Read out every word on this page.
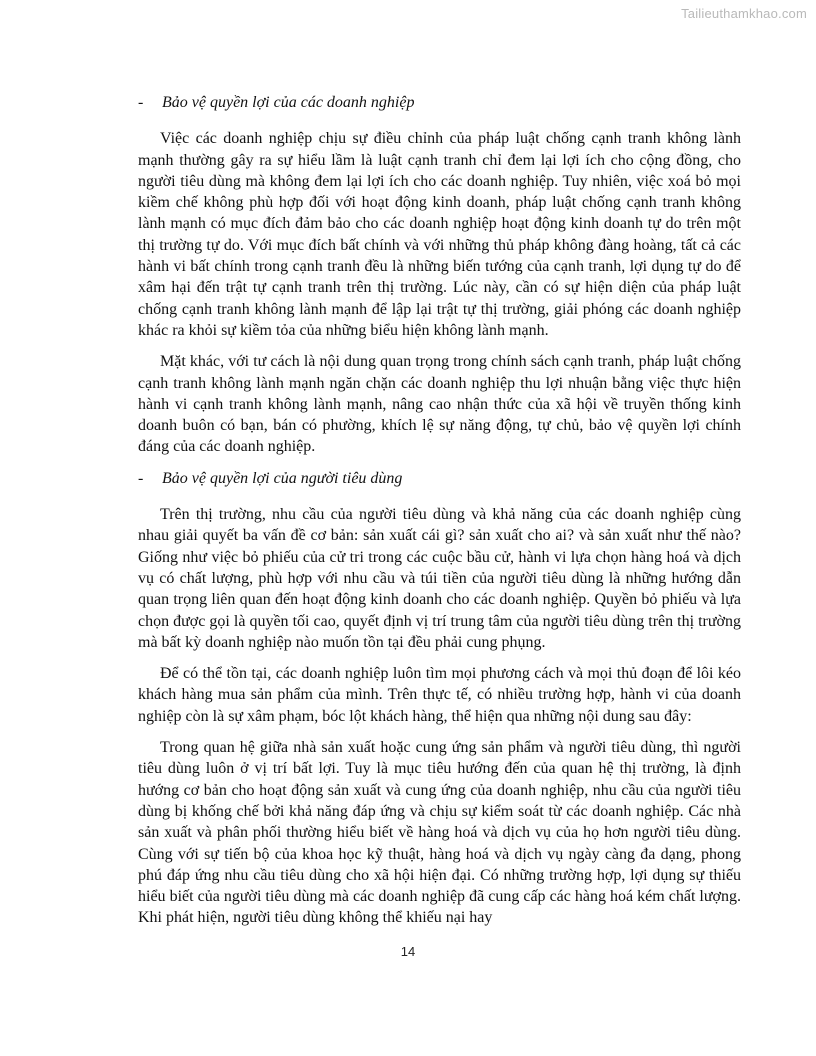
Tailieuthamkhao.com
- Bảo vệ quyền lợi của các doanh nghiệp

Việc các doanh nghiệp chịu sự điều chỉnh của pháp luật chống cạnh tranh không lành mạnh thường gây ra sự hiểu lầm là luật cạnh tranh chỉ đem lại lợi ích cho cộng đồng, cho người tiêu dùng mà không đem lại lợi ích cho các doanh nghiệp. Tuy nhiên, việc xoá bỏ mọi kiềm chế không phù hợp đối với hoạt động kinh doanh, pháp luật chống cạnh tranh không lành mạnh có mục đích đảm bảo cho các doanh nghiệp hoạt động kinh doanh tự do trên một thị trường tự do. Với mục đích bất chính và với những thủ pháp không đàng hoàng, tất cả các hành vi bất chính trong cạnh tranh đều là những biến tướng của cạnh tranh, lợi dụng tự do để xâm hại đến trật tự cạnh tranh trên thị trường. Lúc này, cần có sự hiện diện của pháp luật chống cạnh tranh không lành mạnh để lập lại trật tự thị trường, giải phóng các doanh nghiệp khác ra khỏi sự kiềm tỏa của những biểu hiện không lành mạnh.

Mặt khác, với tư cách là nội dung quan trọng trong chính sách cạnh tranh, pháp luật chống cạnh tranh không lành mạnh ngăn chặn các doanh nghiệp thu lợi nhuận bằng việc thực hiện hành vi cạnh tranh không lành mạnh, nâng cao nhận thức của xã hội về truyền thống kinh doanh buôn có bạn, bán có phường, khích lệ sự năng động, tự chủ, bảo vệ quyền lợi chính đáng của các doanh nghiệp.

- Bảo vệ quyền lợi của người tiêu dùng

Trên thị trường, nhu cầu của người tiêu dùng và khả năng của các doanh nghiệp cùng nhau giải quyết ba vấn đề cơ bản: sản xuất cái gì? sản xuất cho ai? và sản xuất như thế nào? Giống như việc bỏ phiếu của cử tri trong các cuộc bầu cử, hành vi lựa chọn hàng hoá và dịch vụ có chất lượng, phù hợp với nhu cầu và túi tiền của người tiêu dùng là những hướng dẫn quan trọng liên quan đến hoạt động kinh doanh cho các doanh nghiệp. Quyền bỏ phiếu và lựa chọn được gọi là quyền tối cao, quyết định vị trí trung tâm của người tiêu dùng trên thị trường mà bất kỳ doanh nghiệp nào muốn tồn tại đều phải cung phụng.

Để có thể tồn tại, các doanh nghiệp luôn tìm mọi phương cách và mọi thủ đoạn để lôi kéo khách hàng mua sản phẩm của mình. Trên thực tế, có nhiều trường hợp, hành vi của doanh nghiệp còn là sự xâm phạm, bóc lột khách hàng, thể hiện qua những nội dung sau đây:

Trong quan hệ giữa nhà sản xuất hoặc cung ứng sản phẩm và người tiêu dùng, thì người tiêu dùng luôn ở vị trí bất lợi. Tuy là mục tiêu hướng đến của quan hệ thị trường, là định hướng cơ bản cho hoạt động sản xuất và cung ứng của doanh nghiệp, nhu cầu của người tiêu dùng bị khống chế bởi khả năng đáp ứng và chịu sự kiểm soát từ các doanh nghiệp. Các nhà sản xuất và phân phối thường hiểu biết về hàng hoá và dịch vụ của họ hơn người tiêu dùng. Cùng với sự tiến bộ của khoa học kỹ thuật, hàng hoá và dịch vụ ngày càng đa dạng, phong phú đáp ứng nhu cầu tiêu dùng cho xã hội hiện đại. Có những trường hợp, lợi dụng sự thiếu hiểu biết của người tiêu dùng mà các doanh nghiệp đã cung cấp các hàng hoá kém chất lượng. Khi phát hiện, người tiêu dùng không thể khiếu nại hay

14
